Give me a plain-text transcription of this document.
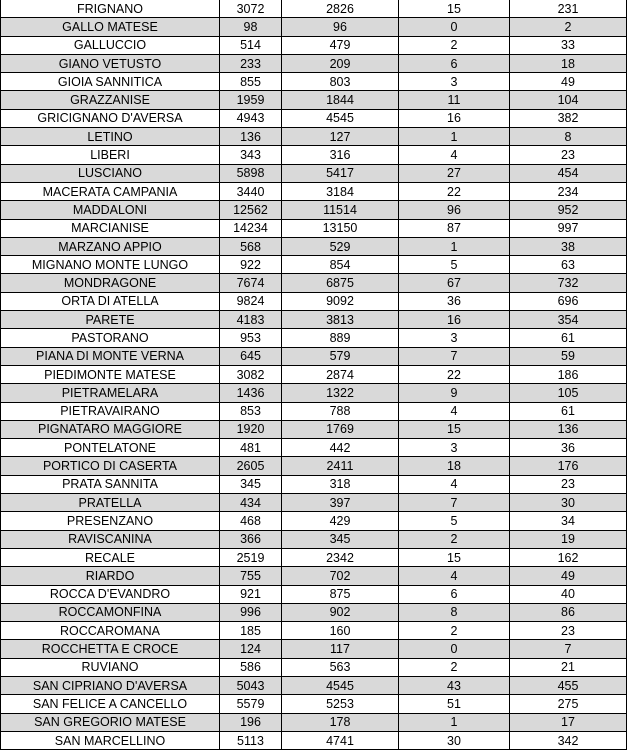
FRIGNANO	3072	2826	15	231
GALLO MATESE	98	96	0	2
GALLUCCIO	514	479	2	33
GIANO VETUSTO	233	209	6	18
GIOIA SANNITICA	855	803	3	49
GRAZZANISE	1959	1844	11	104
GRICIGNANO D'AVERSA	4943	4545	16	382
LETINO	136	127	1	8
LIBERI	343	316	4	23
LUSCIANO	5898	5417	27	454
MACERATA CAMPANIA	3440	3184	22	234
MADDALONI	12562	11514	96	952
MARCIANISE	14234	13150	87	997
MARZANO APPIO	568	529	1	38
MIGNANO MONTE LUNGO	922	854	5	63
MONDRAGONE	7674	6875	67	732
ORTA DI ATELLA	9824	9092	36	696
PARETE	4183	3813	16	354
PASTORANO	953	889	3	61
PIANA DI MONTE VERNA	645	579	7	59
PIEDIMONTE MATESE	3082	2874	22	186
PIETRAMELARA	1436	1322	9	105
PIETRAVAIRANO	853	788	4	61
PIGNATARO MAGGIORE	1920	1769	15	136
PONTELATONE	481	442	3	36
PORTICO DI CASERTA	2605	2411	18	176
PRATA SANNITA	345	318	4	23
PRATELLA	434	397	7	30
PRESENZANO	468	429	5	34
RAVISCANINA	366	345	2	19
RECALE	2519	2342	15	162
RIARDO	755	702	4	49
ROCCA D'EVANDRO	921	875	6	40
ROCCAMONFINA	996	902	8	86
ROCCAROMANA	185	160	2	23
ROCCHETTA E CROCE	124	117	0	7
RUVIANO	586	563	2	21
SAN CIPRIANO D'AVERSA	5043	4545	43	455
SAN FELICE A CANCELLO	5579	5253	51	275
SAN GREGORIO MATESE	196	178	1	17
SAN MARCELLINO	5113	4741	30	342
